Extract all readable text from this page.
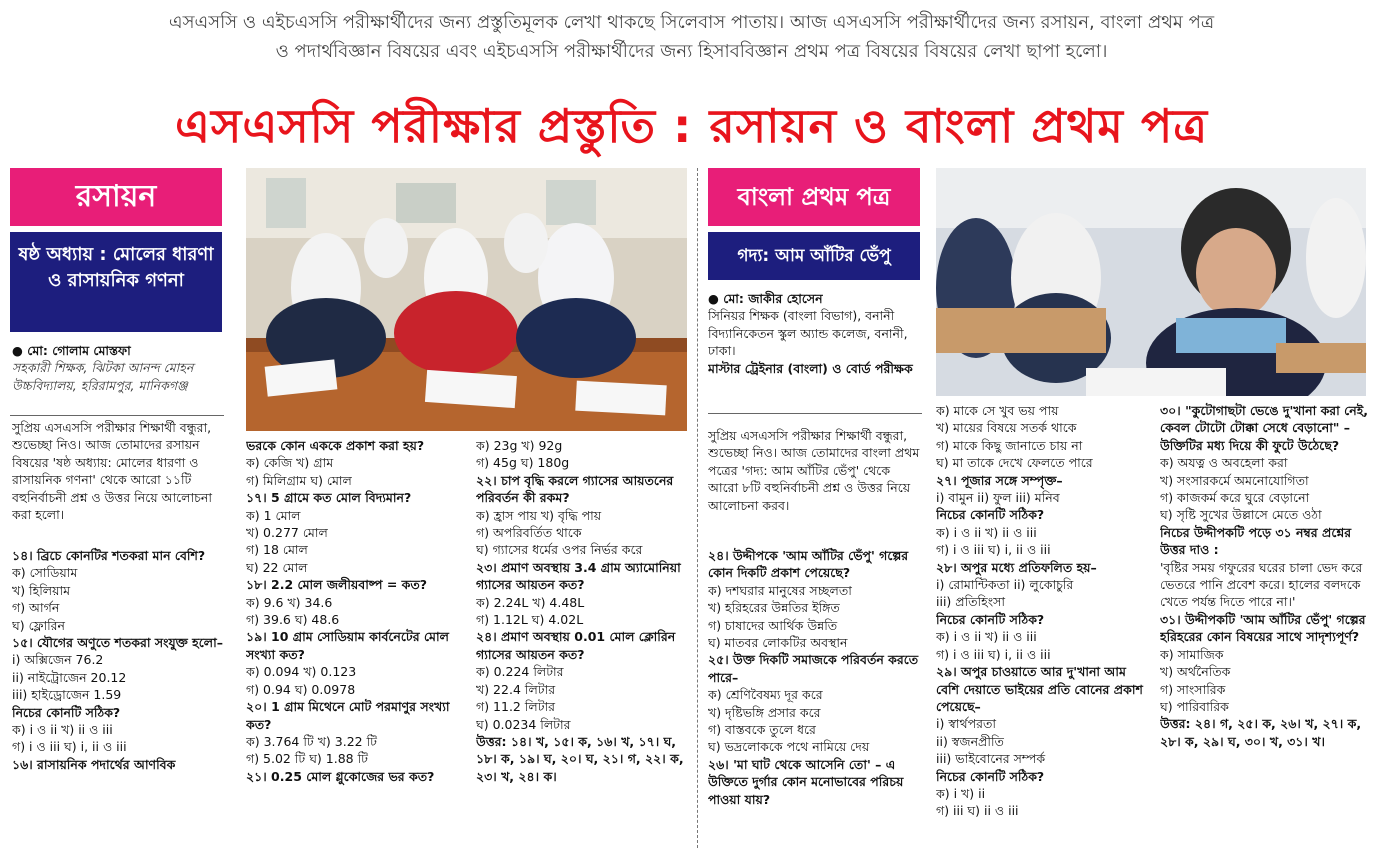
এসএসসি ও এইচএসসি পরীক্ষার্থীদের জন্য প্রস্তুতিমূলক লেখা থাকছে সিলেবাস পাতায়। আজ এসএসসি পরীক্ষার্থীদের জন্য রসায়ন, বাংলা প্রথম পত্র
ও পদার্থবিজ্ঞান বিষয়ের এবং এইচএসসি পরীক্ষার্থীদের জন্য হিসাববিজ্ঞান প্রথম পত্র বিষয়ের বিষয়ের লেখা ছাপা হলো।
এসএসসি পরীক্ষার প্রস্তুতি : রসায়ন ও বাংলা প্রথম পত্র
রসায়ন
ষষ্ঠ অধ্যায় : মোলের ধারণা ও রাসায়নিক গণনা

● মো: গোলাম মোস্তফা

সহকারী শিক্ষক, ঝিটকা আনন্দ মোহন উচ্চবিদ্যালয়, হরিরামপুর, মানিকগঞ্জ

সুপ্রিয় এসএসসি পরীক্ষার শিক্ষার্থী বন্ধুরা, শুভেচ্ছা নিও। আজ তোমাদের রসায়ন বিষয়ের 'ষষ্ঠ অধ্যায়: মোলের ধারণা ও রাসায়নিক গণনা' থেকে আরো ১১টি বহুনির্বাচনী প্রশ্ন ও উত্তর নিয়ে আলোচনা করা হলো।

১৪। ব্রিচে কোনটির শতকরা মান বেশি?

ক) সোডিয়াম

খ) হিলিয়াম

গ) আর্গন

ঘ) ফ্লোরিন

১৫। যৌগের অণুতে শতকরা সংযুক্ত হলো–

i) অক্সিজেন 76.2

ii) নাইট্রোজেন 20.12

iii) হাইড্রোজেন 1.59

নিচের কোনটি সঠিক?

ক) i ও ii খ) ii ও iii

গ) i ও iii ঘ) i, ii ও iii

১৬। রাসায়নিক পদার্থের আণবিক

ভরকে কোন এককে প্রকাশ করা হয়?

ক) কেজি খ) গ্রাম

গ) মিলিগ্রাম ঘ) মোল

১৭। 5 গ্রামে কত মোল বিদ্যমান?

ক) 1 মোল

খ) 0.277 মোল

গ) 18 মোল

ঘ) 22 মোল

১৮। 2.2 মোল জলীয়বাষ্প = কত?

ক) 9.6 খ) 34.6

গ) 39.6 ঘ) 48.6

১৯। 10 গ্রাম সোডিয়াম কার্বনেটের মোল সংখ্যা কত?

ক) 0.094 খ) 0.123

গ) 0.94 ঘ) 0.0978

২০। 1 গ্রাম মিথেনে মোট পরমাণুর সংখ্যা কত?

ক) 3.764 টি খ) 3.22 টি

গ) 5.02 টি ঘ) 1.88 টি

২১। 0.25 মোল গ্লুকোজের ভর কত?

ক) 23g খ) 92g

গ) 45g ঘ) 180g

২২। চাপ বৃদ্ধি করলে গ্যাসের আয়তনের পরিবর্তন কী রকম?

ক) হ্রাস পায় খ) বৃদ্ধি পায়

গ) অপরিবর্তিত থাকে

ঘ) গ্যাসের ধর্মের ওপর নির্ভর করে

২৩। প্রমাণ অবস্থায় 3.4 গ্রাম অ্যামোনিয়া গ্যাসের আয়তন কত?

ক) 2.24L খ) 4.48L

গ) 1.12L ঘ) 4.02L

২৪। প্রমাণ অবস্থায় 0.01 মোল ক্লোরিন গ্যাসের আয়তন কত?

ক) 0.224 লিটার

খ) 22.4 লিটার

গ) 11.2 লিটার

ঘ) 0.0234 লিটার

উত্তর: ১৪। খ, ১৫। ক, ১৬। খ, ১৭। ঘ, ১৮। ক, ১৯। ঘ, ২০। ঘ, ২১। গ, ২২। ক, ২৩। খ, ২৪। ক।

বাংলা প্রথম পত্র
গদ্য: আম আঁটির ভেঁপু

● মো: জাকীর হোসেন

সিনিয়র শিক্ষক (বাংলা বিভাগ), বনানী বিদ্যানিকেতন স্কুল অ্যান্ড কলেজ, বনানী, ঢাকা।

মাস্টার ট্রেইনার (বাংলা) ও বোর্ড পরীক্ষক

সুপ্রিয় এসএসসি পরীক্ষার শিক্ষার্থী বন্ধুরা, শুভেচ্ছা নিও। আজ তোমাদের বাংলা প্রথম পত্রের 'গদ্য: আম আঁটির ভেঁপু' থেকে আরো ৮টি বহুনির্বাচনী প্রশ্ন ও উত্তর নিয়ে আলোচনা করব।

২৪। উদ্দীপকে 'আম আঁটির ভেঁপু' গল্পের কোন দিকটি প্রকাশ পেয়েছে?

ক) দশঘরার মানুষের সচ্ছলতা

খ) হরিহরের উন্নতির ইঙ্গিত

গ) চাষাদের আর্থিক উন্নতি

ঘ) মাতবর লোকটির অবস্থান

২৫। উক্ত দিকটি সমাজকে পরিবর্তন করতে পারে–

ক) শ্রেণিবৈষম্য দূর করে

খ) দৃষ্টিভঙ্গি প্রসার করে

গ) বাস্তবকে তুলে ধরে

ঘ) ভদ্রলোককে পথে নামিয়ে দেয়

২৬। 'মা ঘাট থেকে আসেনি তো' – এ উক্তিতে দুর্গার কোন মনোভাবের পরিচয় পাওয়া যায়?

ক) মাকে সে খুব ভয় পায়

খ) মায়ের বিষয়ে সতর্ক থাকে

গ) মাকে কিছু জানাতে চায় না

ঘ) মা তাকে দেখে ফেলতে পারে

২৭। পূজার সঙ্গে সম্পৃক্ত–

i) বামুন ii) ফুল iii) মনিব

নিচের কোনটি সঠিক?

ক) i ও ii খ) ii ও iii

গ) i ও iii ঘ) i, ii ও iii

২৮। অপুর মধ্যে প্রতিফলিত হয়–

i) রোমান্টিকতা ii) লুকোচুরি

iii) প্রতিহিংসা

নিচের কোনটি সঠিক?

ক) i ও ii খ) ii ও iii

গ) i ও iii ঘ) i, ii ও iii

২৯। অপুর চাওয়াতে আর দু'খানা আম বেশি দেয়াতে ভাইয়ের প্রতি বোনের প্রকাশ পেয়েছে–

i) স্বার্থপরতা

ii) স্বজনপ্রীতি

iii) ভাইবোনের সম্পর্ক

নিচের কোনটি সঠিক?

ক) i খ) ii

গ) iii ঘ) ii ও iii

৩০। "কুটোগাছটা ভেঙে দু'খানা করা নেই, কেবল টোটো টোক্কা সেধে বেড়ানো" – উক্তিটির মধ্য দিয়ে কী ফুটে উঠেছে?

ক) অযত্ন ও অবহেলা করা

খ) সংসারকর্মে অমনোযোগিতা

গ) কাজকর্ম করে ঘুরে বেড়ানো

ঘ) সৃষ্টি সুখের উল্লাসে মেতে ওঠা

নিচের উদ্দীপকটি পড়ে ৩১ নম্বর প্রশ্নের উত্তর দাও :

'বৃষ্টির সময় গফুরের ঘরের চালা ভেদ করে ভেতরে পানি প্রবেশ করে। হালের বলদকে খেতে পর্যন্ত দিতে পারে না।'

৩১। উদ্দীপকটি 'আম আঁটির ভেঁপু' গল্পের হরিহরের কোন বিষয়ের সাথে সাদৃশ্যপূর্ণ?

ক) সামাজিক

খ) অর্থনৈতিক

গ) সাংসারিক

ঘ) পারিবারিক

উত্তর: ২৪। গ, ২৫। ক, ২৬। খ, ২৭। ক, ২৮। ক, ২৯। ঘ, ৩০। খ, ৩১। খ।
